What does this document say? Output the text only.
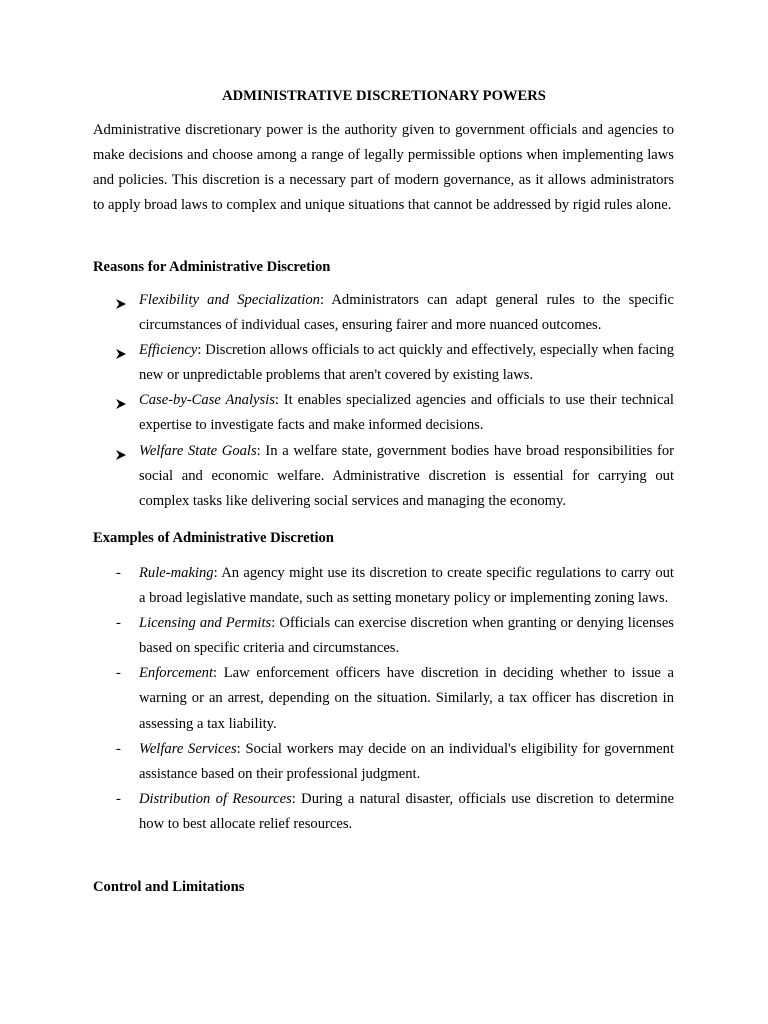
ADMINISTRATIVE DISCRETIONARY POWERS

Administrative discretionary power is the authority given to government officials and agencies to make decisions and choose among a range of legally permissible options when implementing laws and policies. This discretion is a necessary part of modern governance, as it allows administrators to apply broad laws to complex and unique situations that cannot be addressed by rigid rules alone.

Reasons for Administrative Discretion
Flexibility and Specialization: Administrators can adapt general rules to the specific circumstances of individual cases, ensuring fairer and more nuanced outcomes.
Efficiency: Discretion allows officials to act quickly and effectively, especially when facing new or unpredictable problems that aren't covered by existing laws.
Case-by-Case Analysis: It enables specialized agencies and officials to use their technical expertise to investigate facts and make informed decisions.
Welfare State Goals: In a welfare state, government bodies have broad responsibilities for social and economic welfare. Administrative discretion is essential for carrying out complex tasks like delivering social services and managing the economy.
Examples of Administrative Discretion
-	Rule-making: An agency might use its discretion to create specific regulations to carry out a broad legislative mandate, such as setting monetary policy or implementing zoning laws.
-	Licensing and Permits: Officials can exercise discretion when granting or denying licenses based on specific criteria and circumstances.
-	Enforcement: Law enforcement officers have discretion in deciding whether to issue a warning or an arrest, depending on the situation. Similarly, a tax officer has discretion in assessing a tax liability.
-	Welfare Services: Social workers may decide on an individual's eligibility for government assistance based on their professional judgment.
-	Distribution of Resources: During a natural disaster, officials use discretion to determine how to best allocate relief resources.
Control and Limitations
